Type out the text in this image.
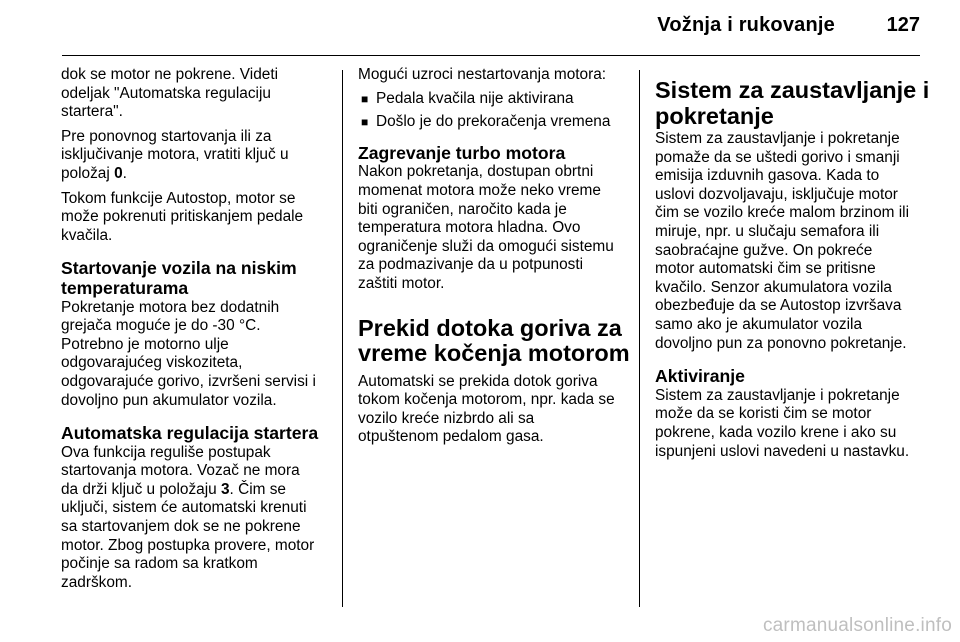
Vožnja i rukovanje	127

dok se motor ne pokrene. Videti
odeljak "Automatska regulaciju
startera".

Pre ponovnog startovanja ili za
isključivanje motora, vratiti ključ u
položaj 0.

Tokom funkcije Autostop, motor se
može pokrenuti pritiskanjem pedale
kvačila.

Startovanje vozila na niskim
temperaturama

Pokretanje motora bez dodatnih
grejača moguće je do -30 °C.
Potrebno je motorno ulje
odgovarajućeg viskoziteta,
odgovarajuće gorivo, izvršeni servisi i
dovoljno pun akumulator vozila.

Automatska regulacija startera

Ova funkcija reguliše postupak
startovanja motora. Vozač ne mora
da drži ključ u položaju 3. Čim se
uključi, sistem će automatski krenuti
sa startovanjem dok se ne pokrene
motor. Zbog postupka provere, motor
počinje sa radom sa kratkom
zadrškom.

Mogući uzroci nestartovanja motora:

■ Pedala kvačila nije aktivirana
■ Došlo je do prekoračenja vremena
Zagrevanje turbo motora

Nakon pokretanja, dostupan obrtni
momenat motora može neko vreme
biti ograničen, naročito kada je
temperatura motora hladna. Ovo
ograničenje služi da omogući sistemu
za podmazivanje da u potpunosti
zaštiti motor.

Prekid dotoka goriva za
vreme kočenja motorom

Automatski se prekida dotok goriva
tokom kočenja motorom, npr. kada se
vozilo kreće nizbrdo ali sa
otpuštenom pedalom gasa.

Sistem za zaustavljanje i
pokretanje

Sistem za zaustavljanje i pokretanje
pomaže da se uštedi gorivo i smanji
emisija izduvnih gasova. Kada to
uslovi dozvoljavaju, isključuje motor
čim se vozilo kreće malom brzinom ili
miruje, npr. u slučaju semafora ili
saobraćajne gužve. On pokreće
motor automatski čim se pritisne
kvačilo. Senzor akumulatora vozila
obezbeđuje da se Autostop izvršava
samo ako je akumulator vozila
dovoljno pun za ponovno pokretanje.

Aktiviranje

Sistem za zaustavljanje i pokretanje
može da se koristi čim se motor
pokrene, kada vozilo krene i ako su
ispunjeni uslovi navedeni u nastavku.

carmanualsonline.info
